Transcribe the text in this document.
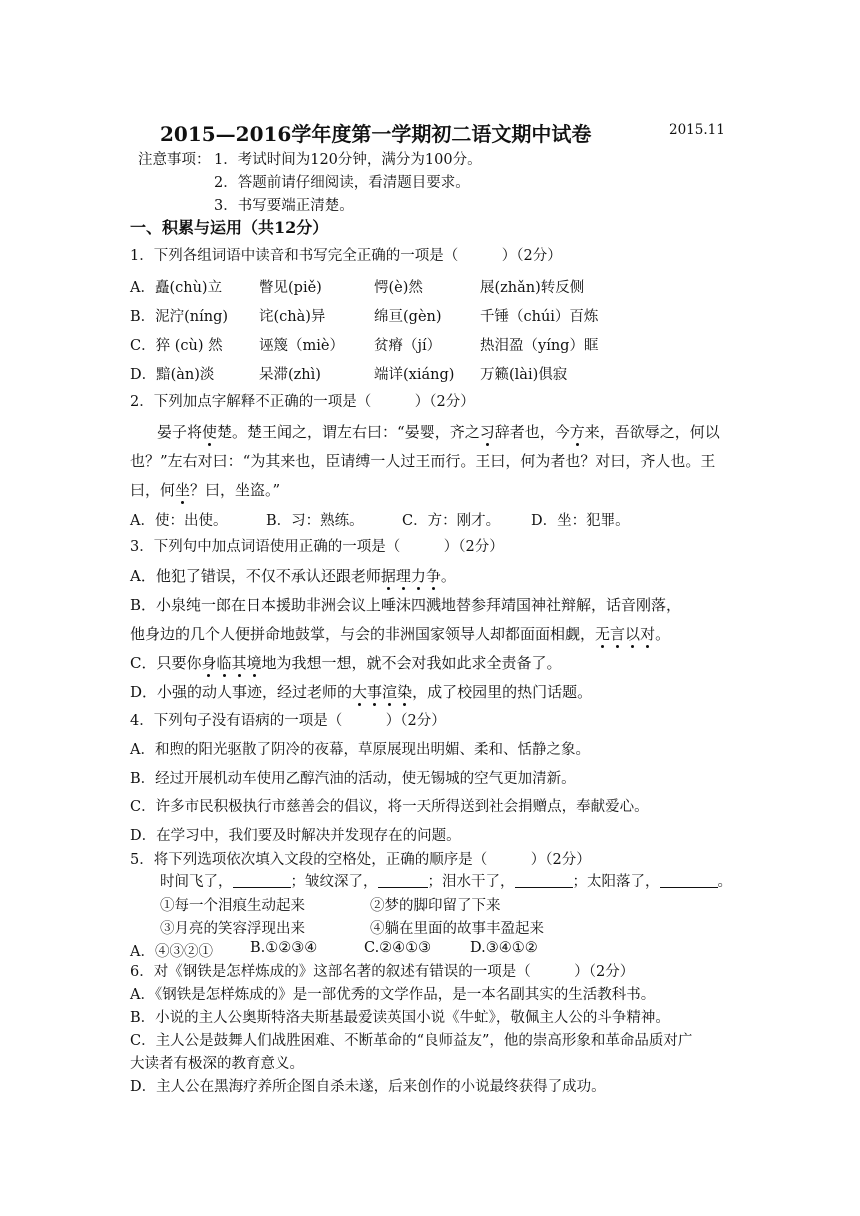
2015—2016学年度第一学期初二语文期中试卷	2015.11
注意事项： 1．考试时间为120分钟，满分为100分。
2．答题前请仔细阅读，看清题目要求。
3．书写要端正清楚。
一、积累与运用（共12分）
1．下列各组词语中读音和书写完全正确的一项是（　　　）（2分）
A．矗(chù)立	瞥见(piě)	愕(è)然	展(zhǎn)转反侧
B．泥泞(níng) 诧(chà)异	绵亘(gèn)	千锤（chúi）百炼
C．猝 (cù) 然	诬篾（miè） 贫瘠（jí）	热泪盈（yíng）眶
D．黯(àn)淡	呆滞(zhì)	端详(xiáng) 万籁(lài)俱寂
2．下列加点字解释不正确的一项是（　　　）（2分）
晏子将使楚。楚王闻之，谓左右曰：“晏婴，齐之习辞者也，今方来，吾欲辱之，何以
也？”左右对曰：“为其来也，臣请缚一人过王而行。王曰，何为者也？对曰，齐人也。王
曰，何坐？曰，坐盗。”
A．使：出使。	B．习：熟练。	C．方：刚才。 D．坐：犯罪。
3．下列句中加点词语使用正确的一项是（　　　）（2分）
A．他犯了错误，不仅不承认还跟老师据理力争。
B．小泉纯一郎在日本援助非洲会议上唾沫四溅地替参拜靖国神社辩解，话音刚落，
他身边的几个人便拼命地鼓掌，与会的非洲国家领导人却都面面相觑，无言以对。
C．只要你身临其境地为我想一想，就不会对我如此求全责备了。
D．小强的动人事迹，经过老师的大事渲染，成了校园里的热门话题。
4．下列句子没有语病的一项是（　　　）（2分）
A．和煦的阳光驱散了阴冷的夜幕，草原展现出明媚、柔和、恬静之象。
B．经过开展机动车使用乙醇汽油的活动，使无锡城的空气更加清新。
C．许多市民积极执行市慈善会的倡议，将一天所得送到社会捐赠点，奉献爱心。
D．在学习中，我们要及时解决并发现存在的问题。
5．将下列选项依次填入文段的空格处，正确的顺序是（　　　）（2分）
时间飞了，	；皱纹深了，	；泪水干了，	；太阳落了，	。
①每一个泪痕生动起来	②梦的脚印留了下来
③月亮的笑容浮现出来	④躺在里面的故事丰盈起来
A．④③②①	B.①②③④	C.②④①③	D.③④①②
6．对《钢铁是怎样炼成的》这部名著的叙述有错误的一项是（　　　）（2分）
A．《钢铁是怎样炼成的》是一部优秀的文学作品，是一本名副其实的生活教科书。
B．小说的主人公奥斯特洛夫斯基最爱读英国小说《牛虻》，敬佩主人公的斗争精神。
C．主人公是鼓舞人们战胜困难、不断革命的“良师益友”，他的崇高形象和革命品质对广
大读者有极深的教育意义。
D．主人公在黑海疗养所企图自杀未遂，后来创作的小说最终获得了成功。
